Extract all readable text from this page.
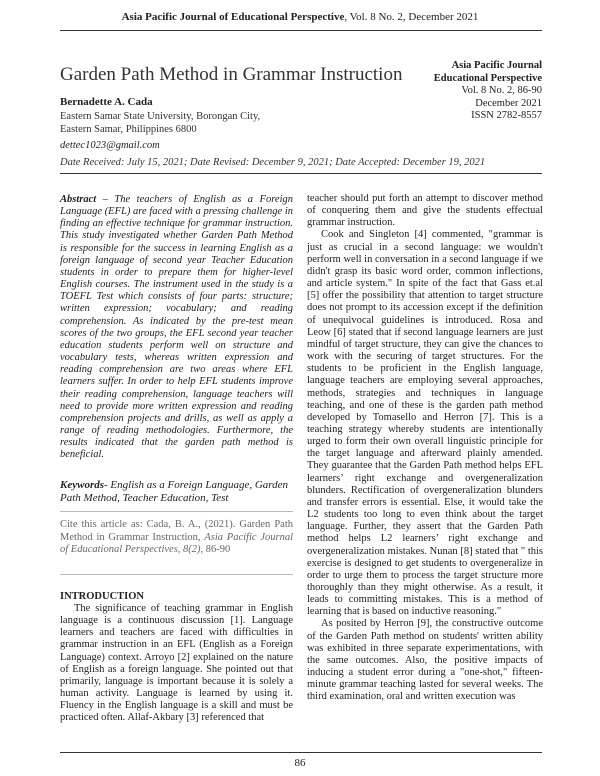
Asia Pacific Journal of Educational Perspective, Vol. 8 No. 2, December 2021
Garden Path Method in Grammar Instruction	Asia Pacific Journal
Educational Perspective
Vol. 8 No. 2, 86-90
December 2021
ISSN 2782-8557
Bernadette A. Cada
Eastern Samar State University, Borongan City,
Eastern Samar, Philippines 6800
dettec1023@gmail.com
Date Received: July 15, 2021; Date Revised: December 9, 2021; Date Accepted: December 19, 2021
Abstract – The teachers of English as a Foreign Language (EFL) are faced with a pressing challenge in finding an effective technique for grammar instruction. This study investigated whether Garden Path Method is responsible for the success in learning English as a foreign language of second year Teacher Education students in order to prepare them for higher-level English courses. The instrument used in the study is a TOEFL Test which consists of four parts: structure; written expression; vocabulary; and reading comprehension. As indicated by the pre-test mean scores of the two groups, the EFL second year teacher education students perform well on structure and vocabulary tests, whereas written expression and reading comprehension are two areas where EFL learners suffer. In order to help EFL students improve their reading comprehension, language teachers will need to provide more written expression and reading comprehension projects and drills, as well as apply a range of reading methodologies. Furthermore, the results indicated that the garden path method is beneficial.
Keywords- English as a Foreign Language, Garden Path Method, Teacher Education, Test
Cite this article as: Cada, B. A., (2021). Garden Path Method in Grammar Instruction, Asia Pacific Journal of Educational Perspectives, 8(2), 86-90
INTRODUCTION

The significance of teaching grammar in English language is a continuous discussion [1]. Language learners and teachers are faced with difficulties in grammar instruction in an EFL (English as a Foreign Language) context. Arroyo [2] explained on the nature of English as a foreign language. She pointed out that primarily, language is important because it is solely a human activity. Language is learned by using it. Fluency in the English language is a skill and must be practiced often. Allaf-Akbary [3] referenced that

teacher should put forth an attempt to discover method of conquering them and give the students effectual grammar instruction.

Cook and Singleton [4] commented, "grammar is just as crucial in a second language: we wouldn't perform well in conversation in a second language if we didn't grasp its basic word order, common inflections, and article system." In spite of the fact that Gass et.al [5] offer the possibility that attention to target structure does not prompt to its accession except if the definition of unequivocal guidelines is introduced. Rosa and Leow [6] stated that if second language learners are just mindful of target structure, they can give the chances to work with the securing of target structures. For the students to be proficient in the English language, language teachers are employing several approaches, methods, strategies and techniques in language teaching, and one of these is the garden path method developed by Tomasello and Herron [7]. This is a teaching strategy whereby students are intentionally urged to form their own overall linguistic principle for the target language and afterward plainly amended. They guarantee that the Garden Path method helps EFL learners’ right exchange and overgeneralization blunders. Rectification of overgeneralization blunders and transfer errors is essential. Else, it would take the L2 students too long to even think about the target language. Further, they assert that the Garden Path method helps L2 learners’ right exchange and overgeneralization mistakes. Nunan [8] stated that " this exercise is designed to get students to overgeneralize in order to urge them to process the target structure more thoroughly than they might otherwise. As a result, it leads to committing mistakes. This is a method of learning that is based on inductive reasoning."

As posited by Herron [9], the constructive outcome of the Garden Path method on students' written ability was exhibited in three separate experimentations, with the same outcomes. Also, the positive impacts of inducing a student error during a "one-shot," fifteen-minute grammar teaching lasted for several weeks. The third examination, oral and written execution was

86
